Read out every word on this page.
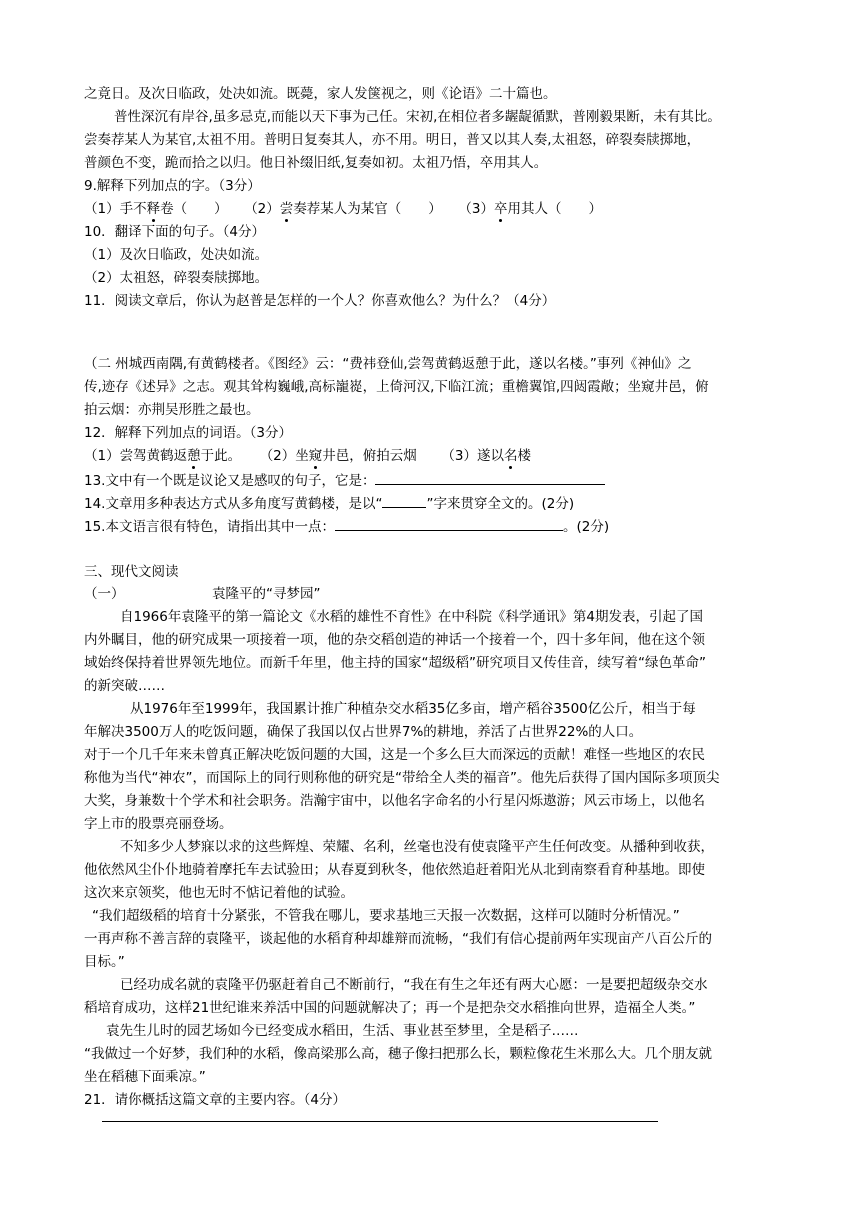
之竟日。及次日临政，处决如流。既薨，家人发箧视之，则《论语》二十篇也。
普性深沉有岸谷,虽多忌克,而能以天下事为己任。宋初,在相位者多龌龊循默，普刚毅果断，未有其比。
尝奏荐某人为某官,太祖不用。普明日复奏其人，亦不用。明日，普又以其人奏,太祖怒，碎裂奏牍掷地，
普颜色不变，跪而拾之以归。他日补缀旧纸,复奏如初。太祖乃悟，卒用其人。
9.解释下列加点的字。（3分）
（1）手不释卷（　　） （2）尝奏荐某人为某官（　　） （3）卒用其人（　　）
10．翻译下面的句子。（4分）
（1）及次日临政，处决如流。
（2）太祖怒，碎裂奏牍掷地。
11．阅读文章后，你认为赵普是怎样的一个人？你喜欢他么？为什么？（4分）
（二 州城西南隅,有黄鹤楼者。《图经》云：“费祎登仙,尝驾黄鹤返憩于此，遂以名楼。”事列《神仙》之
传,迹存《述异》之志。观其耸构巍峨,高标巃嵸，上倚河汉,下临江流；重檐翼馆,四闼霞敞；坐窥井邑，俯
拍云烟：亦荆吴形胜之最也。
12．解释下列加点的词语。（3分）
（1）尝驾黄鹤返憩于此。 （2）坐窥井邑，俯拍云烟 （3）遂以名楼
13.文中有一个既是议论又是感叹的句子，它是：
14.文章用多种表达方式从多角度写黄鹤楼，是以“	”字来贯穿全文的。(2分)
15.本文语言很有特色，请指出其中一点：	。(2分)
三、现代文阅读
（一）	袁隆平的“寻梦园”
自1966年袁隆平的第一篇论文《水稻的雄性不育性》在中科院《科学通讯》第4期发表，引起了国
内外瞩目，他的研究成果一项接着一项，他的杂交稻创造的神话一个接着一个，四十多年间，他在这个领
域始终保持着世界领先地位。而新千年里，他主持的国家“超级稻”研究项目又传佳音，续写着“绿色革命”
的新突破……
从1976年至1999年，我国累计推广种植杂交水稻35亿多亩，增产稻谷3500亿公斤，相当于每
年解决3500万人的吃饭问题，确保了我国以仅占世界7%的耕地，养活了占世界22%的人口。
对于一个几千年来未曾真正解决吃饭问题的大国，这是一个多么巨大而深远的贡献！难怪一些地区的农民
称他为当代“神农”，而国际上的同行则称他的研究是“带给全人类的福音”。他先后获得了国内国际多项顶尖
大奖，身兼数十个学术和社会职务。浩瀚宇宙中，以他名字命名的小行星闪烁遨游；风云市场上，以他名
字上市的股票亮丽登场。
不知多少人梦寐以求的这些辉煌、荣耀、名利，丝毫也没有使袁隆平产生任何改变。从播种到收获，
他依然风尘仆仆地骑着摩托车去试验田；从春夏到秋冬，他依然追赶着阳光从北到南察看育种基地。即使
这次来京领奖，他也无时不惦记着他的试验。
“我们超级稻的培育十分紧张，不管我在哪儿，要求基地三天报一次数据，这样可以随时分析情况。”
一再声称不善言辞的袁隆平，谈起他的水稻育种却雄辩而流畅，“我们有信心提前两年实现亩产八百公斤的
目标。”
已经功成名就的袁隆平仍驱赶着自己不断前行，“我在有生之年还有两大心愿：一是要把超级杂交水
稻培育成功，这样21世纪谁来养活中国的问题就解决了；再一个是把杂交水稻推向世界，造福全人类。”
袁先生儿时的园艺场如今已经变成水稻田，生活、事业甚至梦里，全是稻子……
“我做过一个好梦，我们种的水稻，像高梁那么高，穗子像扫把那么长，颗粒像花生米那么大。几个朋友就
坐在稻穗下面乘凉。”
21．请你概括这篇文章的主要内容。（4分）
